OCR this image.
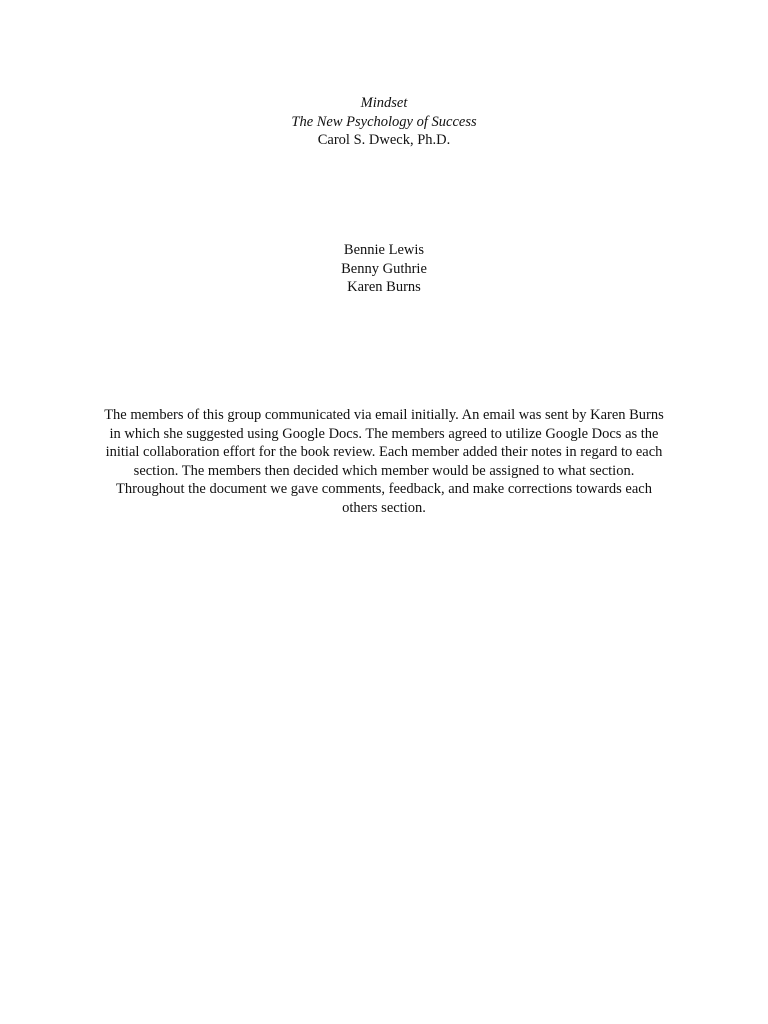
Mindset
The New Psychology of Success
Carol S. Dweck, Ph.D.
Bennie Lewis
Benny Guthrie
Karen Burns
The members of this group communicated via email initially. An email was sent by Karen Burns
in which she suggested using Google Docs. The members agreed to utilize Google Docs as the
initial collaboration effort for the book review. Each member added their notes in regard to each
section. The members then decided which member would be assigned to what section.
Throughout the document we gave comments, feedback, and make corrections towards each
others section.
